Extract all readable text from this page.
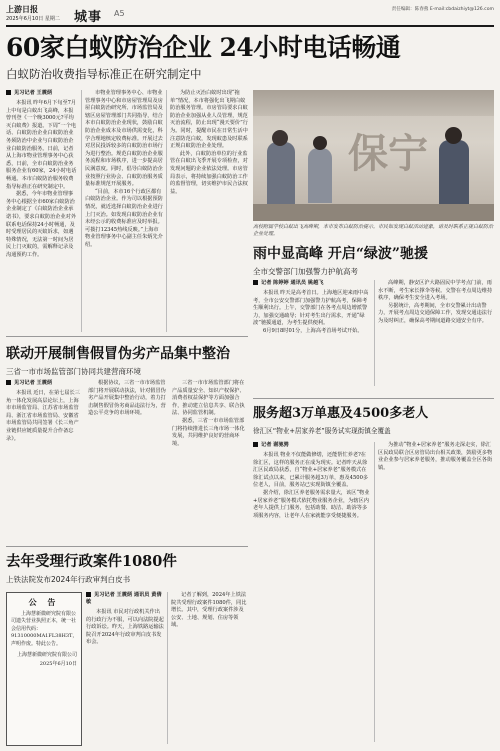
上游日报
2025年6月10日 星期二 城事 A5	责任编辑：陈春燕 E-mail:cbdaizhiyt@126.com
60家白蚁防治企业 24小时电话畅通
白蚁防治收费指导标准正在研究制定中
见习记者 王震炳

本报讯 昨年6月下旬至7月上中旬是白蚁出飞高峰，本报曾刊登《一个晚3000元?平均灭白蚁费》报道。下周“一个电话、白蚁防治企业白蚁防治业务须防治中企业与白蚁防治企业白蚁防治服务。日前，记者从上海市物业管理事务中心获悉，日前，全市白蚁防治业务服务企业有60家，24小时电话畅通。本市白蚁防治服务收费指导标准正在研究制定中。

据悉，今年市物业管理事务中心根据全市60家白蚁防治企业制定了《白蚁防治企业承诺书》，要求白蚁防治企业对外联系电话保持24小时畅通，及时受理居民的灭蚁诉求，如遇特殊情况，无法第一时间为居民上门灭蚁的，需解释记录及沟通预约工作。

市物业管理事务中心、市物业管理事务中心和市房屋管理局及房屋白蚁防治研究所、市场监管局及辖区房屋管理部门共同指导，结合本市白蚁防治企业现状，鼓励白蚁防治企业成本及市场供需变化，科学合理地核定收费标准。开展过去对居民投诉较多的白蚁防治市场行为进行整治。规范白蚁防治企业服务流程和市场秩序，进一步提高居民满意度。同时，倡导白蚁防治企业按照行业协会、白蚁防治服务质量标准规范开展服务。

“目前，本市16个行政区都有白蚁防治企业。作为司以根据预防情况，就近选择白蚁防治企业进行上门灭治。如发现白蚁防治企业有未经公示的收费标准应及时举报。可拨打12345热线反映。”上海市物业管理事务中心副主任朱炳先介绍。

为防止灭治白蚁时出现“拖单”情况，本市将强化出飞期白蚁防治服务管理。市房管局要求白蚁防治企业加强从业人员管理，规范灭治流程，防止出现“漫天要价”行为。同时，提醒市民在日常生活中注意防范白蚁，发现蚁患及时联系正规白蚁防治企业处理。

此外，白蚁防治单位的行业监管在白蚁出飞季开展专项检查，对发现问题的企业依法处理。市房管局表示，将持续加强白蚁防治工作的监督管理，切实维护市民合法权益。

保宁
高校附属学校白蚁出飞高峰期，本市发布白蚁防治提示。市民如发现白蚁活动迹象，请及时联系正规白蚁防治企业处理。
雨中显高峰 开启“绿波”驰援
全市交警部门加强警力护航高考
记者 陈婷婷 通讯员 姚越飞

本报讯 昨天是高考首日。上海地区迎来雨中高考，全市公安交警部门加强警力护航高考，保障考生顺利出行。上午，交警部门在各考点周边增派警力，加强交通疏导；针对考生出行需求，开通“绿波”驰援通道，为考生提供便利。

6月9日8时01分，上海高考首场考试开始。

高峰期，静安区沪大路固民中学考点门前，雨水不断，考生家长撑伞等候。交警在考点周边维持秩序，确保考生安全进入考场。

另据统计，高考期间，全市交警累计出动警力，开展考点周边交通保障工作，发现交通违法行为及时纠正，确保高考期间道路交通安全有序。

联动开展制售假冒伪劣产品集中整治
三省一市市场监管部门协同共建营商环境
见习记者 王震炳

本报讯 近日，在第七届长三角一体化发展高层论坛上，上海市市场监管局、江苏省市场监管局、浙江省市场监管局、安徽省市场监管局共同签署《长三角产业链供应链质量提升合作备忘录》。

根据协议，三省一市市场监管部门将开展联动执法，针对假冒伪劣产品开展集中整治行动，着力打击制售假冒伪劣商品违法行为，营造公平竞争的市场环境。

三省一市市场监管部门将在产品质量安全、知识产权保护、消费者权益保护等方面加强合作，推动建立信息共享、联合执法、协同监管机制。

据悉，三省一市市场监管部门将持续推进长三角市场一体化发展，共同维护良好的营商环境。

服务超3万单惠及4500多老人
徐汇区“物业+居家养老”服务试实现街镇全覆盖
记者 谢驰骋

本报讯 物业不仅能做修缮，还能帮忙养老?在徐汇区，这样的服务正在成为现实。记者昨天从徐汇区民政局获悉，自“物业+居家养老”服务模式在徐汇试点以来，已累计服务超3万单，惠及4500多位老人，目前，服务站已实现街镇全覆盖。

据介绍，徐汇区养老服务需求量大，该区“物业+居家养老”服务模式依托物业服务企业，为辖区内老年人提供上门服务，包括助餐、助洁、助浴等多项服务内容，让老年人在家就能享受便捷服务。

为推动“物业+居家养老”服务走深走实，徐汇区民政局联合区房管局出台相关政策，鼓励更多物业企业参与居家养老服务，推动服务覆盖全区各街镇。

去年受理行政案件1080件
上铁法院发布2024年行政审判白皮书
公 告
上海慧新微研究院有限公司遗失营业执照正本，统一社会信用代码：91310000MA1FL38H3T，声明作废。特此公告。
上海慧新微研究院有限公司
2025年6月10日
见习记者 王震炳 通讯员 黄倩敏

本报讯 市民对行政机关作出的行政行为不服，可以向法院提起行政诉讼。昨天，上海铁路运输法院召开2024年行政审判白皮书发布会。

记者了解到，2024年上铁法院共受理行政案件1080件，同比增长。其中，受理行政案件涉及公安、土地、规划、住房等领域。
